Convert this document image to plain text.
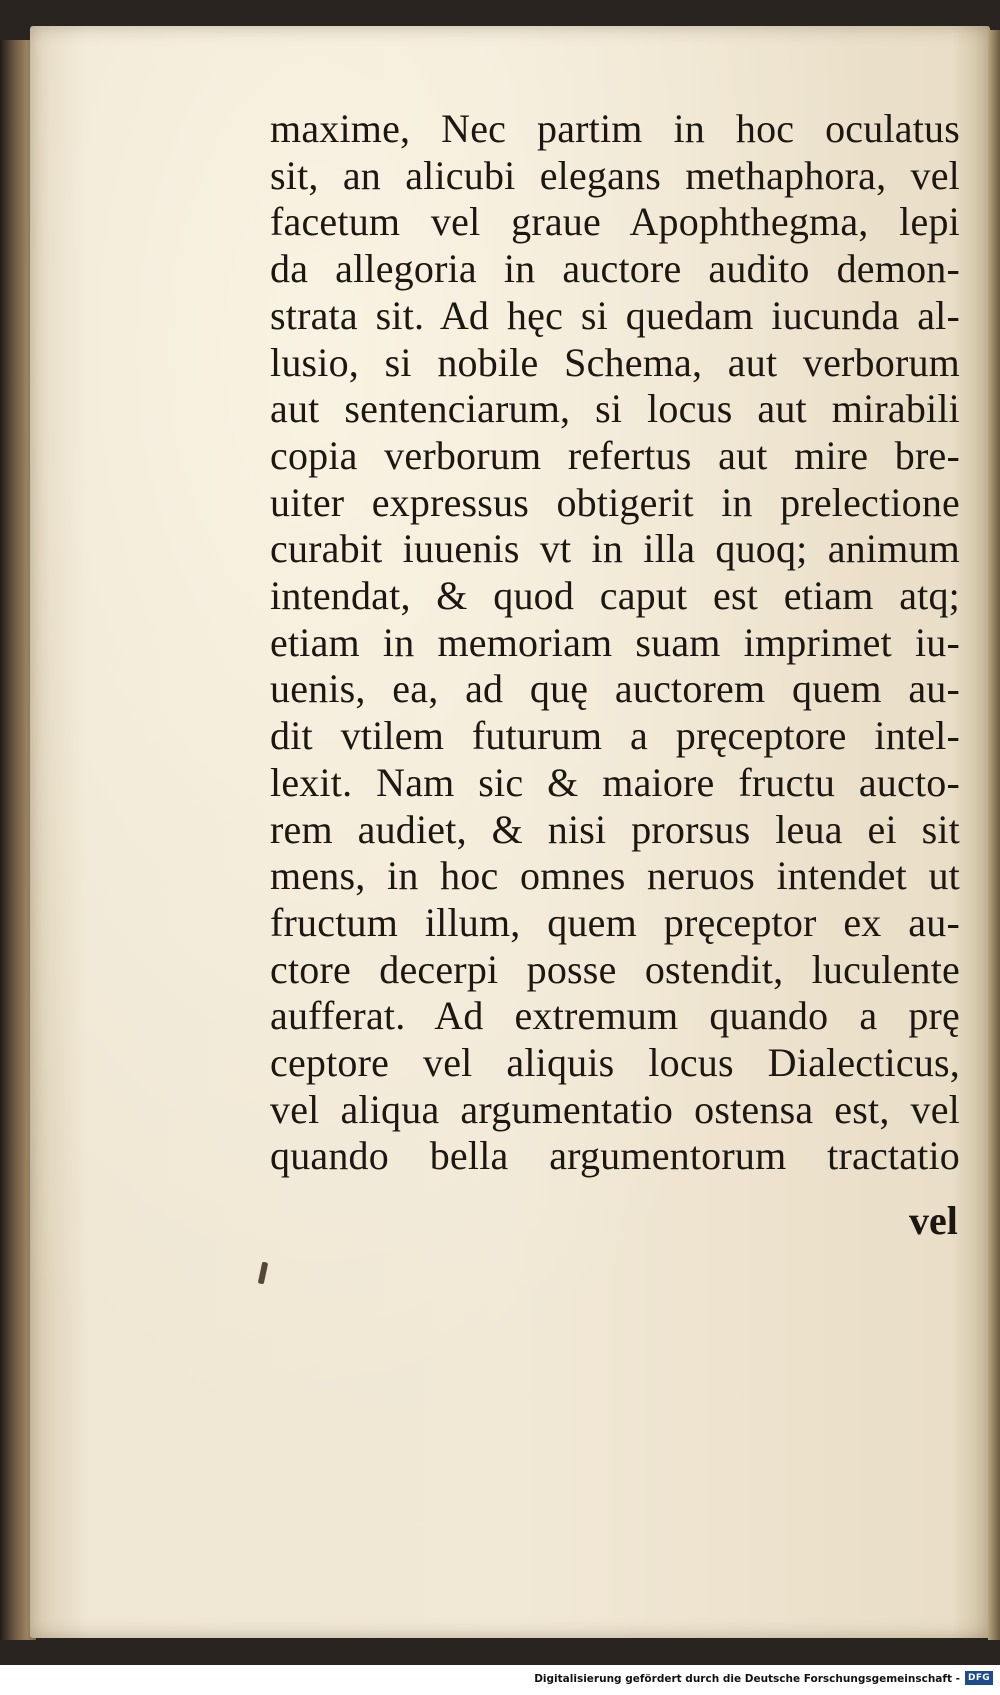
maxime, Nec partim in hoc oculatus
sit, an alicubi elegans methaphora, vel
facetum vel graue Apophthegma, lepi
da allegoria in auctore audito demon-
strata sit. Ad hęc si quedam iucunda al-
lusio, si nobile Schema, aut verborum
aut sentenciarum, si locus aut mirabili
copia verborum refertus aut mire bre-
uiter expressus obtigerit in prelectione
curabit iuuenis vt in illa quoq; animum
intendat, & quod caput est etiam atq;
etiam in memoriam suam imprimet iu-
uenis, ea, ad quę auctorem quem au-
dit vtilem futurum a pręceptore intel-
lexit. Nam sic & maiore fructu aucto-
rem audiet, & nisi prorsus leua ei sit
mens, in hoc omnes neruos intendet ut
fructum illum, quem pręceptor ex au-
ctore decerpi posse ostendit, luculente
aufferat. Ad extremum quando a prę
ceptore vel aliquis locus Dialecticus,
vel aliqua argumentatio ostensa est, vel
quando bella argumentorum tractatio
vel
Digitalisierung gefördert durch die Deutsche Forschungsgemeinschaft - DFG
